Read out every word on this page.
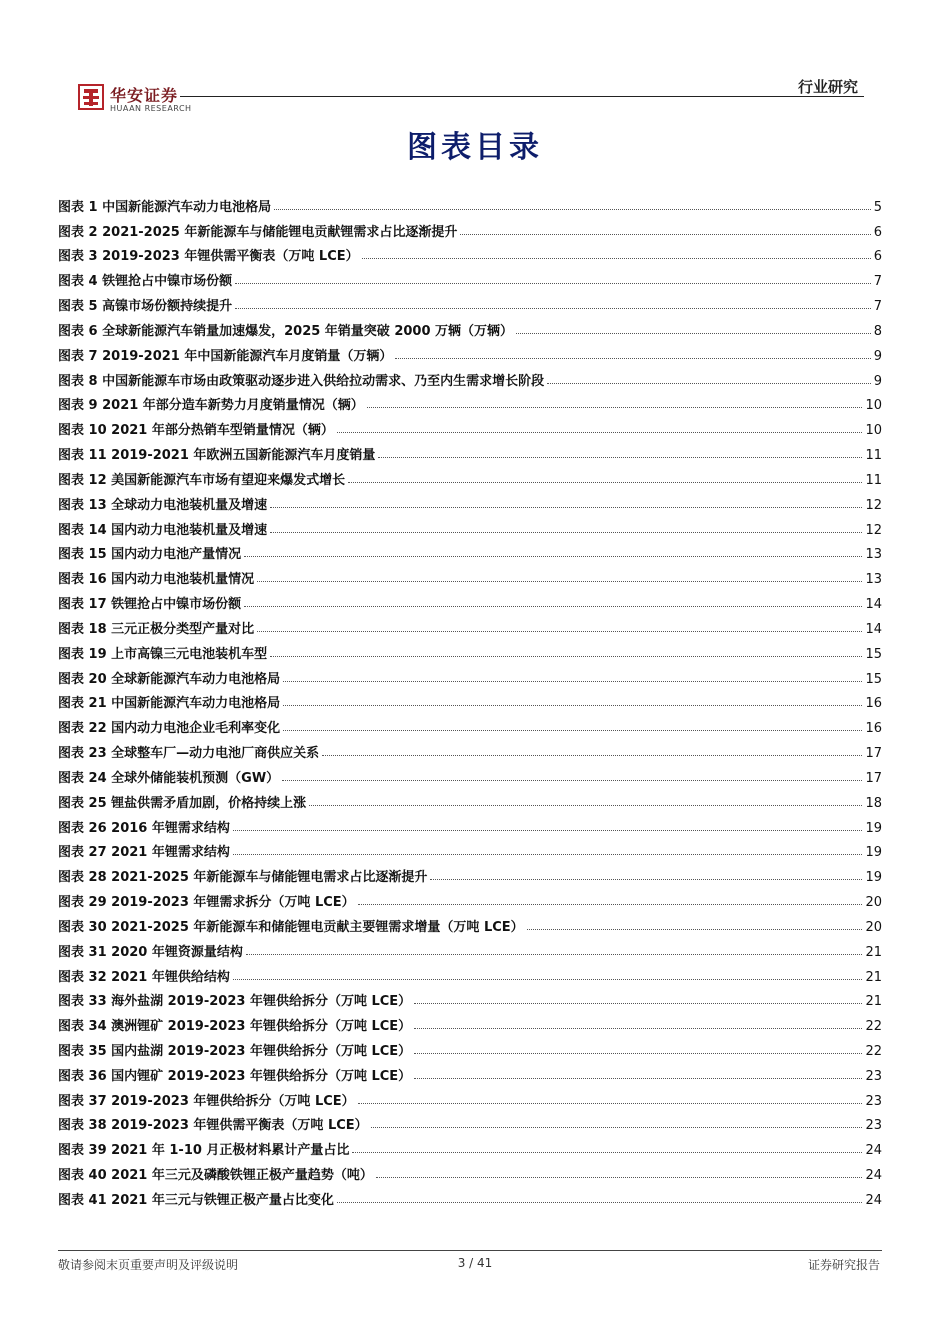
华安证券
HUAAN RESEARCH
行业研究
图表目录
图表 1 中国新能源汽车动力电池格局	5
图表 2 2021-2025 年新能源车与储能锂电贡献锂需求占比逐渐提升	6
图表 3 2019-2023 年锂供需平衡表（万吨 LCE）	6
图表 4 铁锂抢占中镍市场份额	7
图表 5 高镍市场份额持续提升	7
图表 6 全球新能源汽车销量加速爆发，2025 年销量突破 2000 万辆（万辆）	8
图表 7 2019-2021 年中国新能源汽车月度销量（万辆）	9
图表 8 中国新能源车市场由政策驱动逐步进入供给拉动需求、乃至内生需求增长阶段	9
图表 9 2021 年部分造车新势力月度销量情况（辆）	10
图表 10 2021 年部分热销车型销量情况（辆）	10
图表 11 2019-2021 年欧洲五国新能源汽车月度销量	11
图表 12 美国新能源汽车市场有望迎来爆发式增长	11
图表 13 全球动力电池装机量及增速	12
图表 14 国内动力电池装机量及增速	12
图表 15 国内动力电池产量情况	13
图表 16 国内动力电池装机量情况	13
图表 17 铁锂抢占中镍市场份额	14
图表 18 三元正极分类型产量对比	14
图表 19 上市高镍三元电池装机车型	15
图表 20 全球新能源汽车动力电池格局	15
图表 21 中国新能源汽车动力电池格局	16
图表 22 国内动力电池企业毛利率变化	16
图表 23 全球整车厂—动力电池厂商供应关系	17
图表 24 全球外储能装机预测（GW）	17
图表 25 锂盐供需矛盾加剧，价格持续上涨	18
图表 26 2016 年锂需求结构	19
图表 27 2021 年锂需求结构	19
图表 28 2021-2025 年新能源车与储能锂电需求占比逐渐提升	19
图表 29 2019-2023 年锂需求拆分（万吨 LCE）	20
图表 30 2021-2025 年新能源车和储能锂电贡献主要锂需求增量（万吨 LCE）	20
图表 31 2020 年锂资源量结构	21
图表 32 2021 年锂供给结构	21
图表 33 海外盐湖 2019-2023 年锂供给拆分（万吨 LCE）	21
图表 34 澳洲锂矿 2019-2023 年锂供给拆分（万吨 LCE）	22
图表 35 国内盐湖 2019-2023 年锂供给拆分（万吨 LCE）	22
图表 36 国内锂矿 2019-2023 年锂供给拆分（万吨 LCE）	23
图表 37 2019-2023 年锂供给拆分（万吨 LCE）	23
图表 38 2019-2023 年锂供需平衡表（万吨 LCE）	23
图表 39 2021 年 1-10 月正极材料累计产量占比	24
图表 40 2021 年三元及磷酸铁锂正极产量趋势（吨）	24
图表 41 2021 年三元与铁锂正极产量占比变化	24
敬请参阅末页重要声明及评级说明	3 / 41	证券研究报告
